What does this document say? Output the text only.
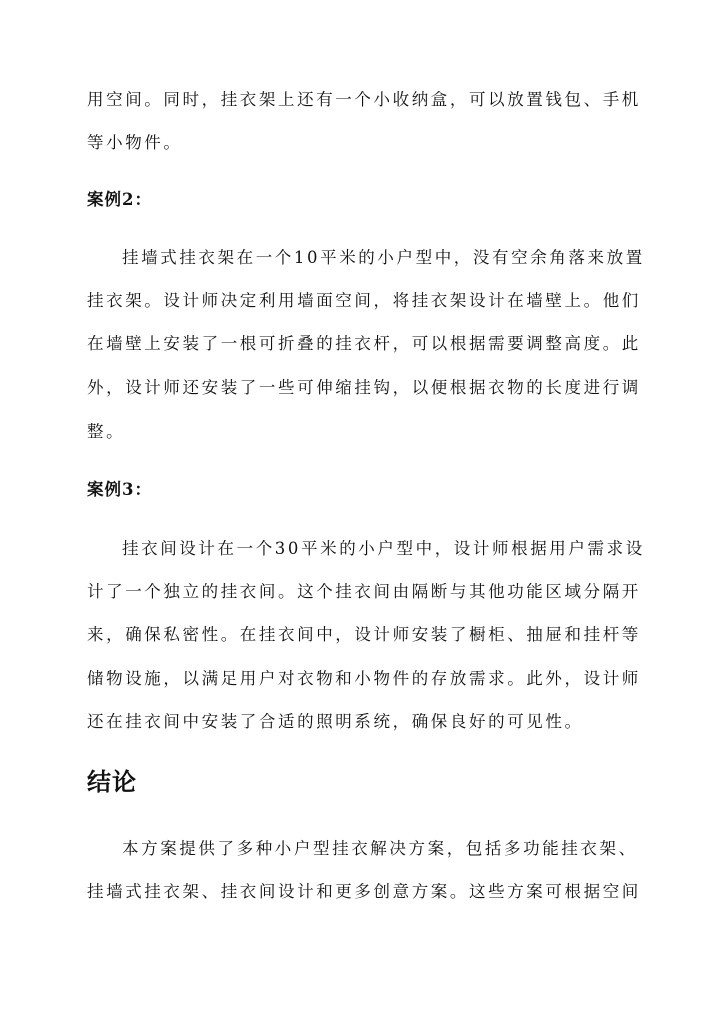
用空间。同时，挂衣架上还有一个小收纳盒，可以放置钱包、手机
等小物件。
案例2：
挂墙式挂衣架在一个10平米的小户型中，没有空余角落来放置
挂衣架。设计师决定利用墙面空间，将挂衣架设计在墙壁上。他们
在墙壁上安装了一根可折叠的挂衣杆，可以根据需要调整高度。此
外，设计师还安装了一些可伸缩挂钩，以便根据衣物的长度进行调
整。
案例3：
挂衣间设计在一个30平米的小户型中，设计师根据用户需求设
计了一个独立的挂衣间。这个挂衣间由隔断与其他功能区域分隔开
来，确保私密性。在挂衣间中，设计师安装了橱柜、抽屉和挂杆等
储物设施，以满足用户对衣物和小物件的存放需求。此外，设计师
还在挂衣间中安装了合适的照明系统，确保良好的可见性。
结论
本方案提供了多种小户型挂衣解决方案，包括多功能挂衣架、
挂墙式挂衣架、挂衣间设计和更多创意方案。这些方案可根据空间
